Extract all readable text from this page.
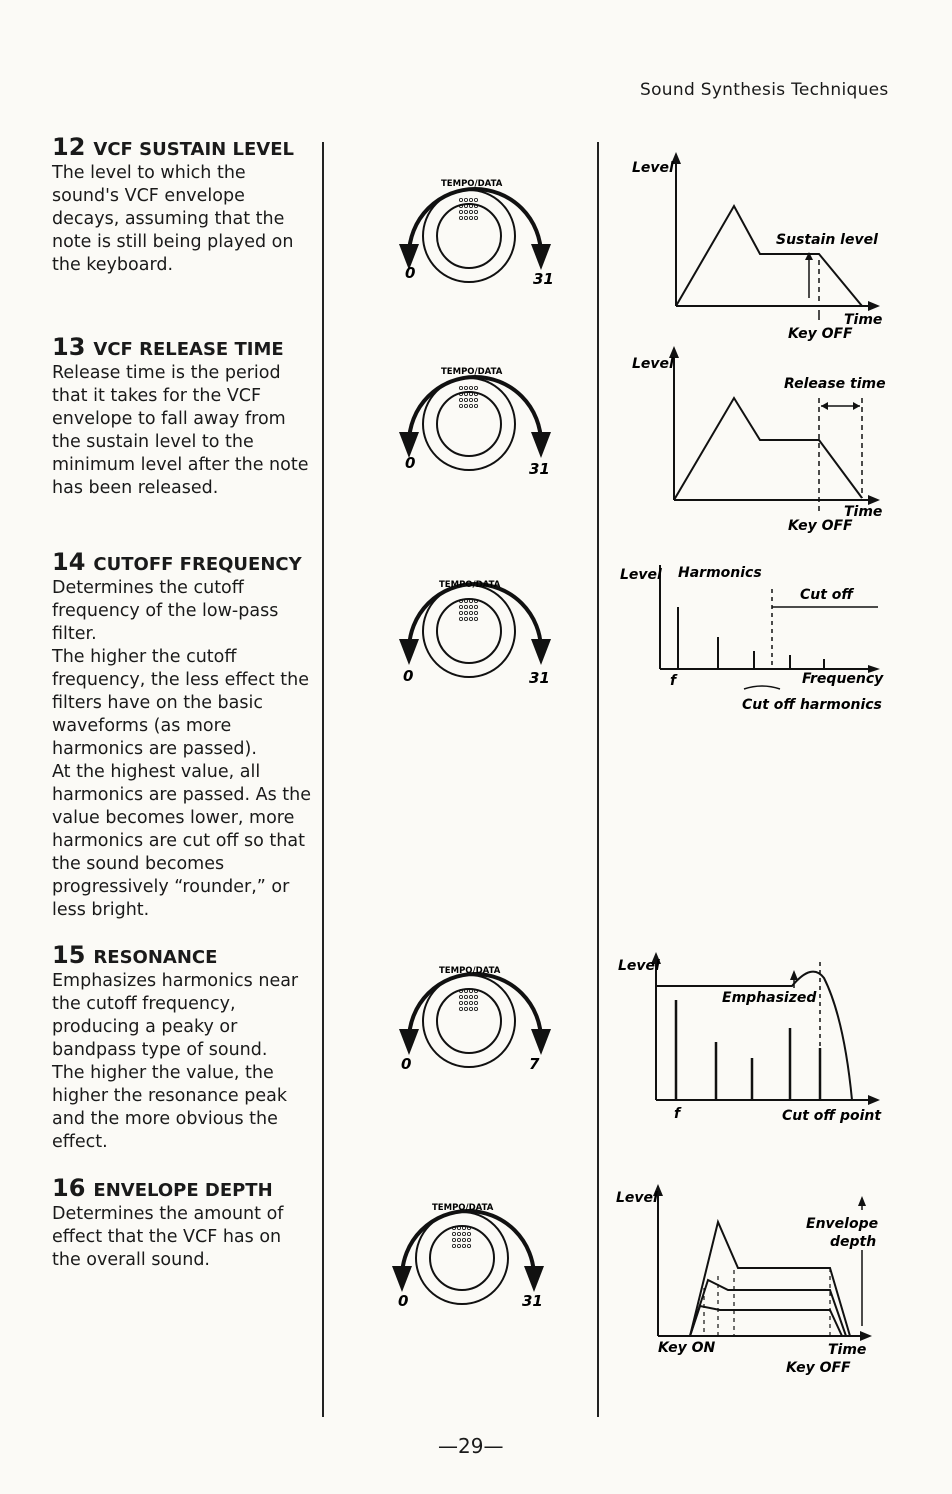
Sound Synthesis Techniques
12 VCF SUSTAIN LEVEL

The level to which the
sound's VCF envelope
decays, assuming that the
note is still being played on
the keyboard.

13 VCF RELEASE TIME

Release time is the period
that it takes for the VCF
envelope to fall away from
the sustain level to the
minimum level after the note
has been released.

14 CUTOFF FREQUENCY

Determines the cutoff
frequency of the low-pass
filter.
The higher the cutoff
frequency, the less effect the
filters have on the basic
waveforms (as more
harmonics are passed).
At the highest value, all
harmonics are passed. As the
value becomes lower, more
harmonics are cut off so that
the sound becomes
progressively “rounder,” or
less bright.

15 RESONANCE

Emphasizes harmonics near
the cutoff frequency,
producing a peaky or
bandpass type of sound.
The higher the value, the
higher the resonance peak
and the more obvious the
effect.

16 ENVELOPE DEPTH

Determines the amount of
effect that the VCF has on
the overall sound.

TEMPO/DATA
0	31
TEMPO/DATA
0	31
TEMPO/DATA
0	31
TEMPO/DATA
0	7
TEMPO/DATA
0	31
Level
Sustain level
Time
Key OFF
Level
Release time
Time
Key OFF
Level Harmonics
Cut off
f	Frequency
Cut off harmonics
Level
Emphasized
f	Cut off point
Level
Envelope
depth
Key ON	Time
Key OFF
—29—
